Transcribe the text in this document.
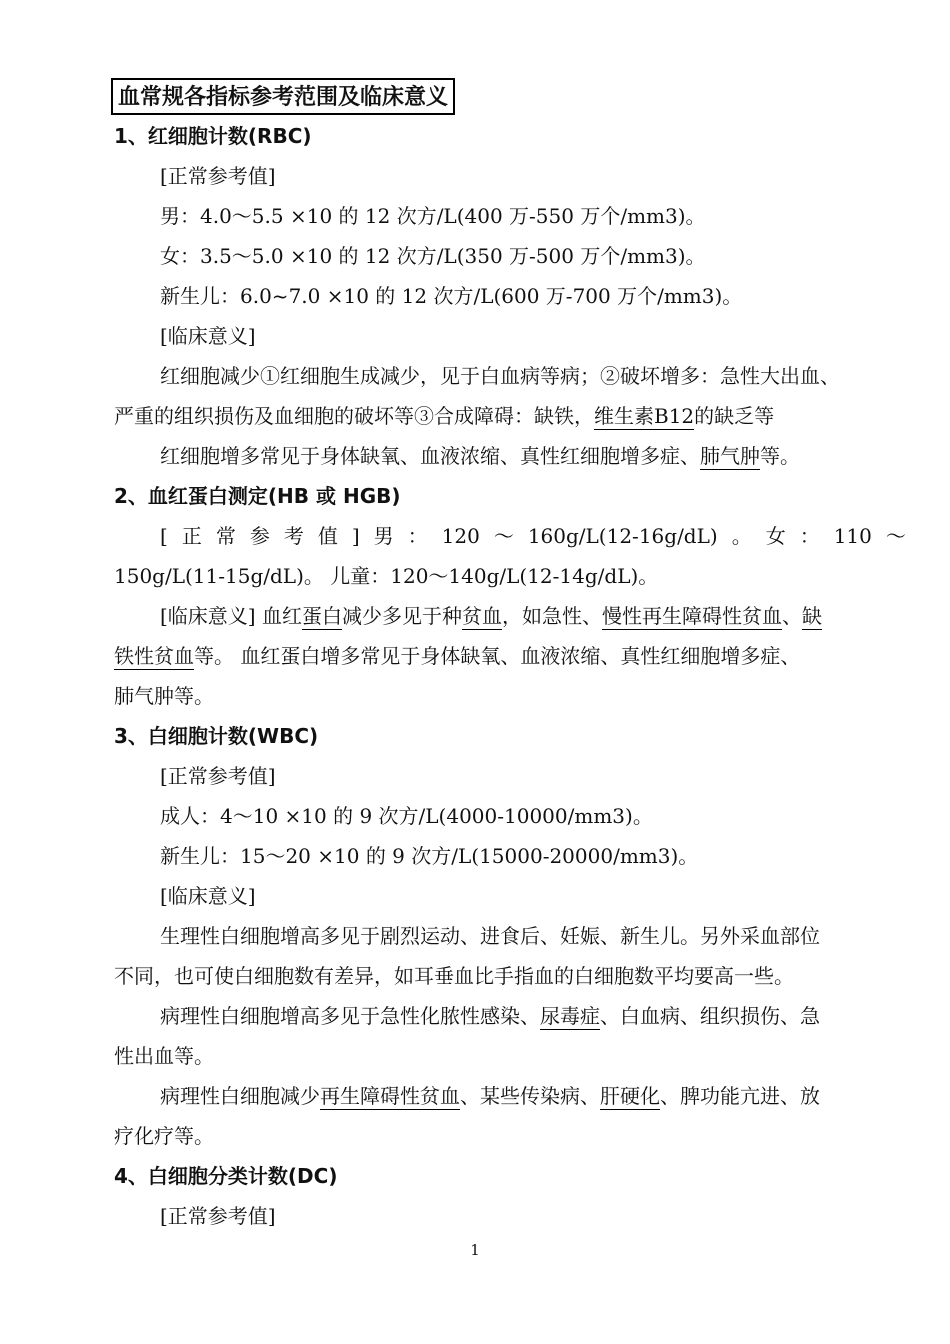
血常规各指标参考范围及临床意义
1、红细胞计数(RBC)
[正常参考值]
男：4.0～5.5 ×10 的 12 次方/L(400 万-550 万个/mm3)。
女：3.5～5.0 ×10 的 12 次方/L(350 万-500 万个/mm3)。
新生儿：6.0~7.0 ×10 的 12 次方/L(600 万-700 万个/mm3)。
[临床意义]
红细胞减少①红细胞生成减少，见于白血病等病；②破坏增多：急性大出血、
严重的组织损伤及血细胞的破坏等③合成障碍：缺铁，维生素B12的缺乏等
红细胞增多常见于身体缺氧、血液浓缩、真性红细胞增多症、肺气肿等。
2、血红蛋白测定(HB 或 HGB)
[ 正 常 参 考 值 ] 男 ： 120 ～ 160g/L(12-16g/dL) 。 女 ： 110 ～
150g/L(11-15g/dL)。 儿童：120～140g/L(12-14g/dL)。
[临床意义] 血红蛋白减少多见于种贫血，如急性、慢性再生障碍性贫血、缺
铁性贫血等。 血红蛋白增多常见于身体缺氧、血液浓缩、真性红细胞增多症、
肺气肿等。
3、白细胞计数(WBC)
[正常参考值]
成人：4～10 ×10 的 9 次方/L(4000-10000/mm3)。
新生儿：15～20 ×10 的 9 次方/L(15000-20000/mm3)。
[临床意义]
生理性白细胞增高多见于剧烈运动、进食后、妊娠、新生儿。另外采血部位
不同，也可使白细胞数有差异，如耳垂血比手指血的白细胞数平均要高一些。
病理性白细胞增高多见于急性化脓性感染、尿毒症、白血病、组织损伤、急
性出血等。
病理性白细胞减少再生障碍性贫血、某些传染病、肝硬化、脾功能亢进、放
疗化疗等。
4、白细胞分类计数(DC)
[正常参考值]
1
